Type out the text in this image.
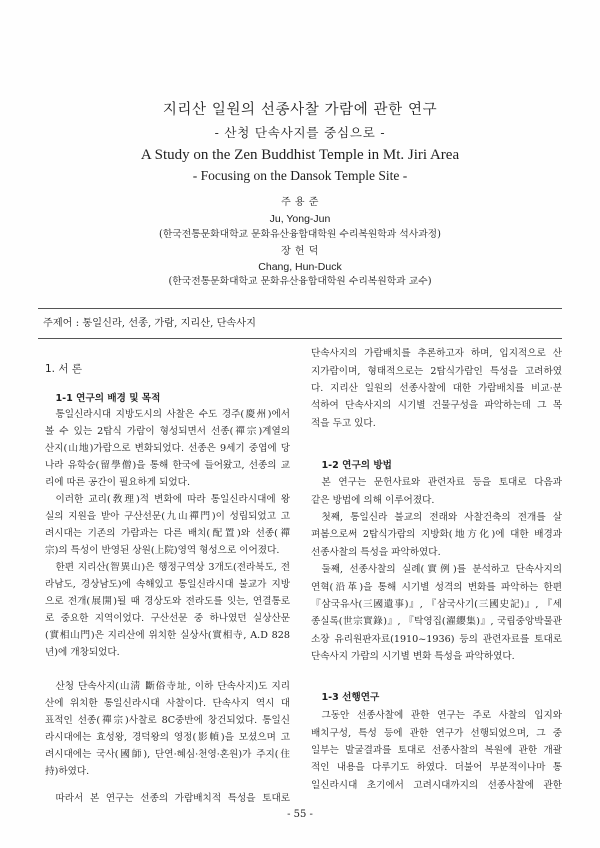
지리산 일원의 선종사찰 가람에 관한 연구
- 산청 단속사지를 중심으로 -
A Study on the Zen Buddhist Temple in Mt. Jiri Area
- Focusing on the Dansok Temple Site -
주 용 준
Ju, Yong-Jun
(한국전통문화대학교 문화유산융합대학원 수리복원학과 석사과정)
장 헌 덕
Chang, Hun-Duck
(한국전통문화대학교 문화유산융합대학원 수리복원학과 교수)
주제어 : 통일신라, 선종, 가람, 지리산, 단속사지
1. 서 론
1-1 연구의 배경 및 목적
통일신라시대 지방도시의 사찰은 수도 경주(慶州)에서
볼 수 있는 2탑식 가람이 형성되면서 선종(禪宗)계열의
산지(山地)가람으로 변화되었다. 선종은 9세기 중엽에 당
나라 유학승(留學僧)을 통해 한국에 들어왔고, 선종의 교
리에 따른 공간이 필요하게 되었다.
이러한 교리(敎理)적 변화에 따라 통일신라시대에 왕
실의 지원을 받아 구산선문(九山禪門)이 성립되었고 고
려시대는 기존의 가람과는 다른 배치(配置)와 선종(禪
宗)의 특성이 반영된 상원(上院)영역 형성으로 이어졌다.
한편 지리산(智異山)은 행정구역상 3개도(전라북도, 전
라남도, 경상남도)에 속해있고 통일신라시대 불교가 지방
으로 전개(展開)될 때 경상도와 전라도를 잇는, 연결통로
로 중요한 지역이었다. 구산선문 중 하나였던 실상산문
(實相山門)은 지리산에 위치한 실상사(實相寺, A.D 828
년)에 개창되었다.
산청 단속사지(山淸 斷俗寺址, 이하 단속사지)도 지리
산에 위치한 통일신라시대 사찰이다. 단속사지 역시 대
표적인 선종(禪宗)사찰로 8C중반에 창건되었다. 통일신
라시대에는 효성왕, 경덕왕의 영정(影幀)을 모셨으며 고
려시대에는 국사(國師), 단연·혜심·천영·혼원)가 주지(住
持)하였다.
따라서 본 연구는 선종의 가람배치적 특성을 토대로
단속사지의 가람배치를 추론하고자 하며, 입지적으로 산
지가람이며, 형태적으로는 2탑식가람인 특성을 고려하였
다. 지리산 일원의 선종사찰에 대한 가람배치를 비교·분
석하여 단속사지의 시기별 건물구성을 파악하는데 그 목
적을 두고 있다.
1-2 연구의 방법
본 연구는 문헌사료와 관련자료 등을 토대로 다음과
같은 방법에 의해 이루어졌다.
첫째, 통일신라 불교의 전래와 사찰건축의 전개를 살
펴봄으로써 2탑식가람의 지방화(地方化)에 대한 배경과
선종사찰의 특성을 파악하였다.
둘째, 선종사찰의 실례(實例)를 분석하고 단속사지의
연혁(沿革)을 통해 시기별 성격의 변화를 파악하는 한편
『삼국유사(三國遺事)』, 『삼국사기(三國史記)』, 『세
종실록(世宗實錄)』, 『탁영집(濯纓集)』, 국립중앙박물관
소장 유리원판자료(1910~1936) 등의 관련자료를 토대로
단속사지 가람의 시기별 변화 특성을 파악하였다.
1-3 선행연구
그동안 선종사찰에 관한 연구는 주로 사찰의 입지와
배치구성, 특성 등에 관한 연구가 선행되었으며, 그 중
일부는 발굴결과를 토대로 선종사찰의 복원에 관한 개괄
적인 내용을 다루기도 하였다. 더불어 부분적이나마 통
일신라시대 초기에서 고려시대까지의 선종사찰에 관한
- 55 -
